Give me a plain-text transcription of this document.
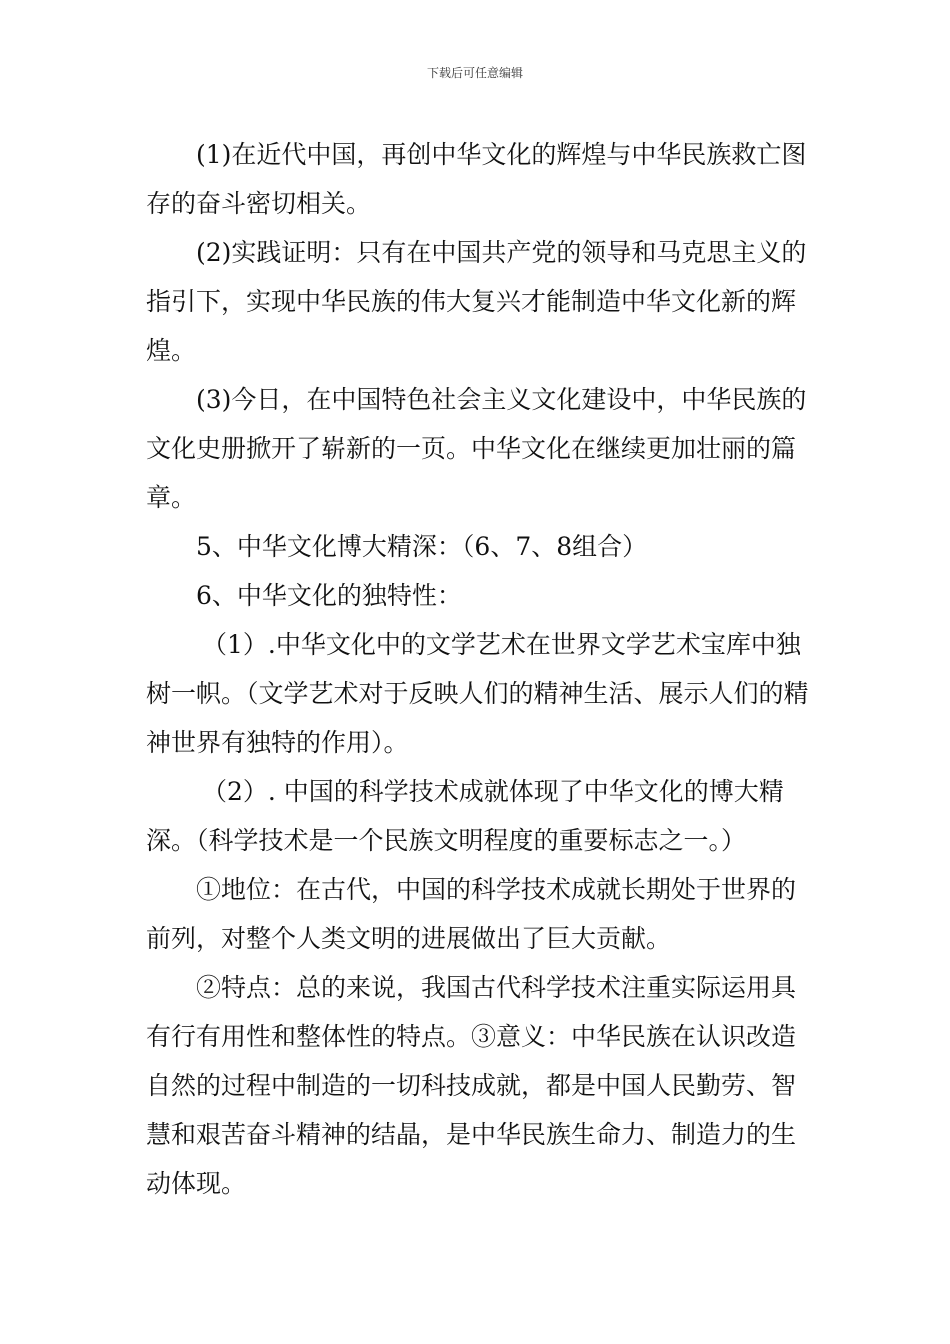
下载后可任意编辑

(1)在近代中国，再创中华文化的辉煌与中华民族救亡图存的奋斗密切相关。

(2)实践证明：只有在中国共产党的领导和马克思主义的指引下，实现中华民族的伟大复兴才能制造中华文化新的辉煌。

(3)今日，在中国特色社会主义文化建设中，中华民族的文化史册掀开了崭新的一页。中华文化在继续更加壮丽的篇章。

5、中华文化博大精深：（6、7、8组合）

6、中华文化的独特性：

（1）.中华文化中的文学艺术在世界文学艺术宝库中独树一帜。（文学艺术对于反映人们的精神生活、展示人们的精神世界有独特的作用）。

（2）. 中国的科学技术成就体现了中华文化的博大精深。（科学技术是一个民族文明程度的重要标志之一。）

①地位：在古代，中国的科学技术成就长期处于世界的前列，对整个人类文明的进展做出了巨大贡献。

②特点：总的来说，我国古代科学技术注重实际运用具有行有用性和整体性的特点。③意义：中华民族在认识改造自然的过程中制造的一切科技成就，都是中国人民勤劳、智慧和艰苦奋斗精神的结晶，是中华民族生命力、制造力的生动体现。
